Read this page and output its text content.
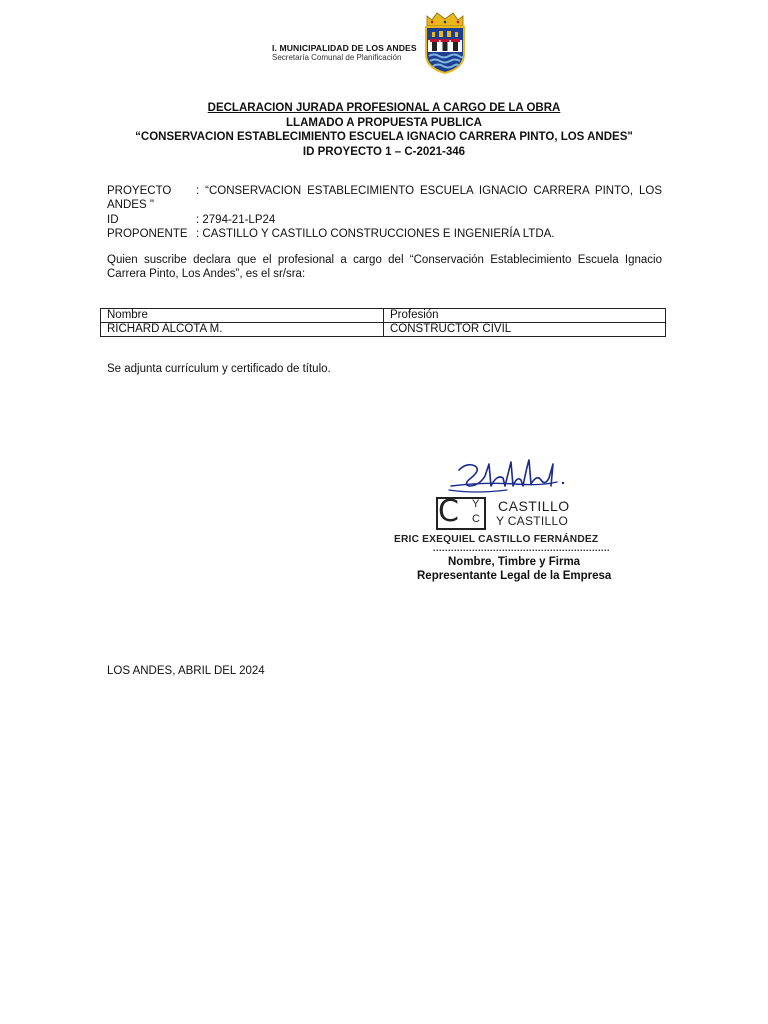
I. MUNICIPALIDAD DE LOS ANDES
Secretaría Comunal de Planificación
DECLARACION JURADA PROFESIONAL A CARGO DE LA OBRA
LLAMADO A PROPUESTA PUBLICA
“CONSERVACION ESTABLECIMIENTO ESCUELA IGNACIO CARRERA PINTO, LOS ANDES"
ID PROYECTO 1 – C-2021-346
PROYECTO	: “CONSERVACION ESTABLECIMIENTO ESCUELA IGNACIO CARRERA PINTO, LOS
ANDES "
ID	: 2794-21-LP24
PROPONENTE : CASTILLO Y CASTILLO CONSTRUCCIONES E INGENIERÍA LTDA.
Quien suscribe declara que el profesional a cargo del “Conservación Establecimiento Escuela Ignacio Carrera Pinto, Los Andes”, es el sr/sra:
Nombre	Profesión
RICHARD ALCOTA M.	CONSTRUCTOR CIVIL
Se adjunta currículum y certificado de título.
C Y
C
CASTILLO
Y CASTILLO
ERIC EXEQUIEL CASTILLO FERNÁNDEZ
...........................................................
Nombre, Timbre y Firma
Representante Legal de la Empresa
LOS ANDES, ABRIL DEL 2024
